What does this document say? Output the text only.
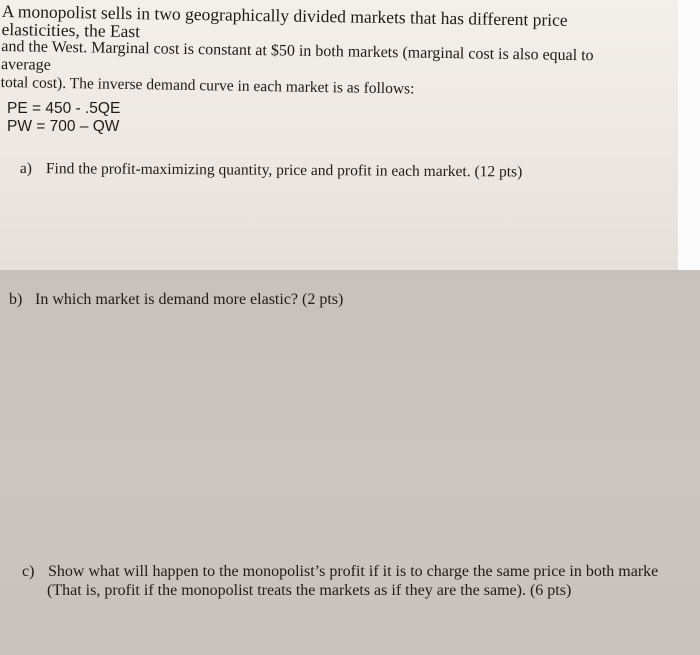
A monopolist sells in two geographically divided markets that has different price elasticities, the East
and the West. Marginal cost is constant at $50 in both markets (marginal cost is also equal to average
total cost). The inverse demand curve in each market is as follows:
PE = 450 - .5QE
PW = 700 – QW
a) Find the profit-maximizing quantity, price and profit in each market. (12 pts)
b) In which market is demand more elastic? (2 pts)
c) Show what will happen to the monopolist’s profit if it is to charge the same price in both marke
(That is, profit if the monopolist treats the markets as if they are the same). (6 pts)
